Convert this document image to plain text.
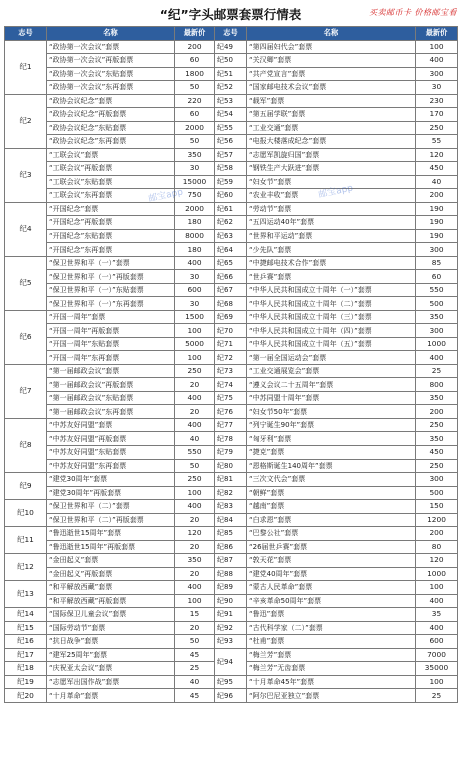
“纪”字头邮票套票行情表	买卖邮币卡 价格邮宝看
志号	名称	最新价	志号	名称	最新价
纪1	“政协第一次会议”套票	200	纪49	“第四届妇代会”套票	100
	“政协第一次会议”再版套票	60	纪50	“关汉卿”套票	400
	“政协第一次会议”东贴套票	1800	纪51	“共产党宣言”套票	300
	“政协第一次会议”东再套票	50	纪52	“国家邮电技术会议”套票	30
纪2	“政协会议纪念”套票	220	纪53	“载军”套票	230
	“政协会议纪念”再版套票	60	纪54	“第五届学联”套票	170
	“政协会议纪念”东贴套票	2000	纪55	“工业交通”套票	250
	“政协会议纪念”东再套票	50	纪56	“电报大楼落成纪念”套票	55
纪3	“工联会议”套票	350	纪57	“志愿军凯旋归国”套票	120
	“工联会议”再版套票	30	纪58	“钢铁生产大跃进”套票	450
	“工联会议”东贴套票	15000	纪59	“妇女节”套票	40
	“工联会议”东再套票	750	纪60	“农业丰收”套票	200
纪4	“开国纪念”套票	2000	纪61	“劳动节”套票	190
	“开国纪念”再版套票	180	纪62	“五四运动40年”套票	190
	“开国纪念”东贴套票	8000	纪63	“世界和平运动”套票	190
	“开国纪念”东再套票	180	纪64	“少先队”套票	300
纪5	“保卫世界和平（一）”套票	400	纪65	“中捷邮电技术合作”套票	85
	“保卫世界和平（一）”再版套票	30	纪66	“世乒赛”套票	60
	“保卫世界和平（一）”东贴套票	600	纪67	“中华人民共和国成立十周年（一）”套票	550
	“保卫世界和平（一）”东再套票	30	纪68	“中华人民共和国成立十周年（二）”套票	500
纪6	“开国一周年”套票	1500	纪69	“中华人民共和国成立十周年（三）”套票	350
	“开国一周年”再版套票	100	纪70	“中华人民共和国成立十周年（四）”套票	300
	“开国一周年”东贴套票	5000	纪71	“中华人民共和国成立十周年（五）”套票	1000
	“开国一周年”东再套票	100	纪72	“第一届全国运动会”套票	400
纪7	“第一届邮政会议”套票	250	纪73	“工业交通展览会”套票	25
	“第一届邮政会议”再版套票	20	纪74	“遵义会议二十五周年”套票	800
	“第一届邮政会议”东贴套票	400	纪75	“中苏同盟十周年”套票	350
	“第一届邮政会议”东再套票	20	纪76	“妇女节50年”套票	200
纪8	“中苏友好同盟”套票	400	纪77	“列宁诞生90年”套票	250
	“中苏友好同盟”再版套票	40	纪78	“匈牙利”套票	350
	“中苏友好同盟”东贴套票	550	纪79	“捷克”套票	450
	“中苏友好同盟”东再套票	50	纪80	“恩格斯诞生140周年”套票	250
纪9	“建党30周年”套票	250	纪81	“三次文代会”套票	300
	“建党30周年”再版套票	100	纪82	“朝鲜”套票	500
纪10	“保卫世界和平（二）”套票	400	纪83	“越南”套票	150
	“保卫世界和平（二）”再版套票	20	纪84	“白求恩”套票	1200
纪11	“鲁迅逝世15周年”套票	120	纪85	“巴黎公社”套票	200
	“鲁迅逝世15周年”再版套票	20	纪86	“26届世乒赛”套票	80
纪12	“金田起义”套票	350	纪87	“敦天花”套票	120
	“金田起义”再版套票	20	纪88	“建党40周年”套票	1000
纪13	“和平解放西藏”套票	400	纪89	“蒙古人民革命”套票	100
	“和平解放西藏”再版套票	100	纪90	“辛亥革命50周年”套票	400
纪14	“国际保卫儿童会议”套票	15	纪91	“鲁迅”套票	35
纪15	“国际劳动节”套票	20	纪92	“古代科学家（二）”套票	400
纪16	“抗日战争”套票	50	纪93	“杜甫”套票	600
纪17	“建军25周年”套票	45	纪94	“梅兰芳”套票	7000
纪18	“庆祝亚太会议”套票	25		“梅兰芳”无齿套票	35000
纪19	“志愿军出国作战”套票	40	纪95	“十月革命45年”套票	100
纪20	“十月革命”套票	45	纪96	“阿尔巴尼亚独立”套票	25
邮宝app	邮宝app
